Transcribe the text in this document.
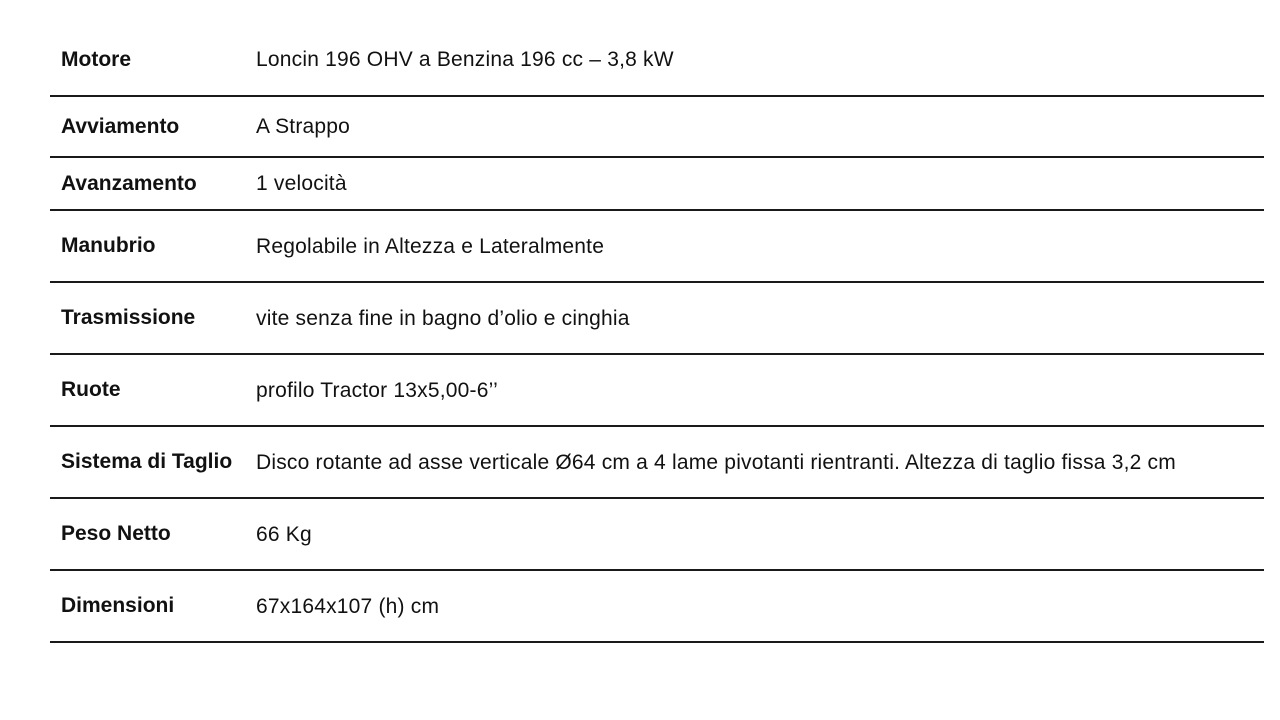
Motore	Loncin 196 OHV a Benzina 196 cc – 3,8 kW
Avviamento	A Strappo
Avanzamento	1 velocità
Manubrio	Regolabile in Altezza e Lateralmente
Trasmissione	vite senza fine in bagno d’olio e cinghia
Ruote	profilo Tractor 13x5,00-6’’
Sistema di Taglio	Disco rotante ad asse verticale Ø64 cm a 4 lame pivotanti rientranti. Altezza di taglio fissa 3,2 cm
Peso Netto	66 Kg
Dimensioni	67x164x107 (h) cm
